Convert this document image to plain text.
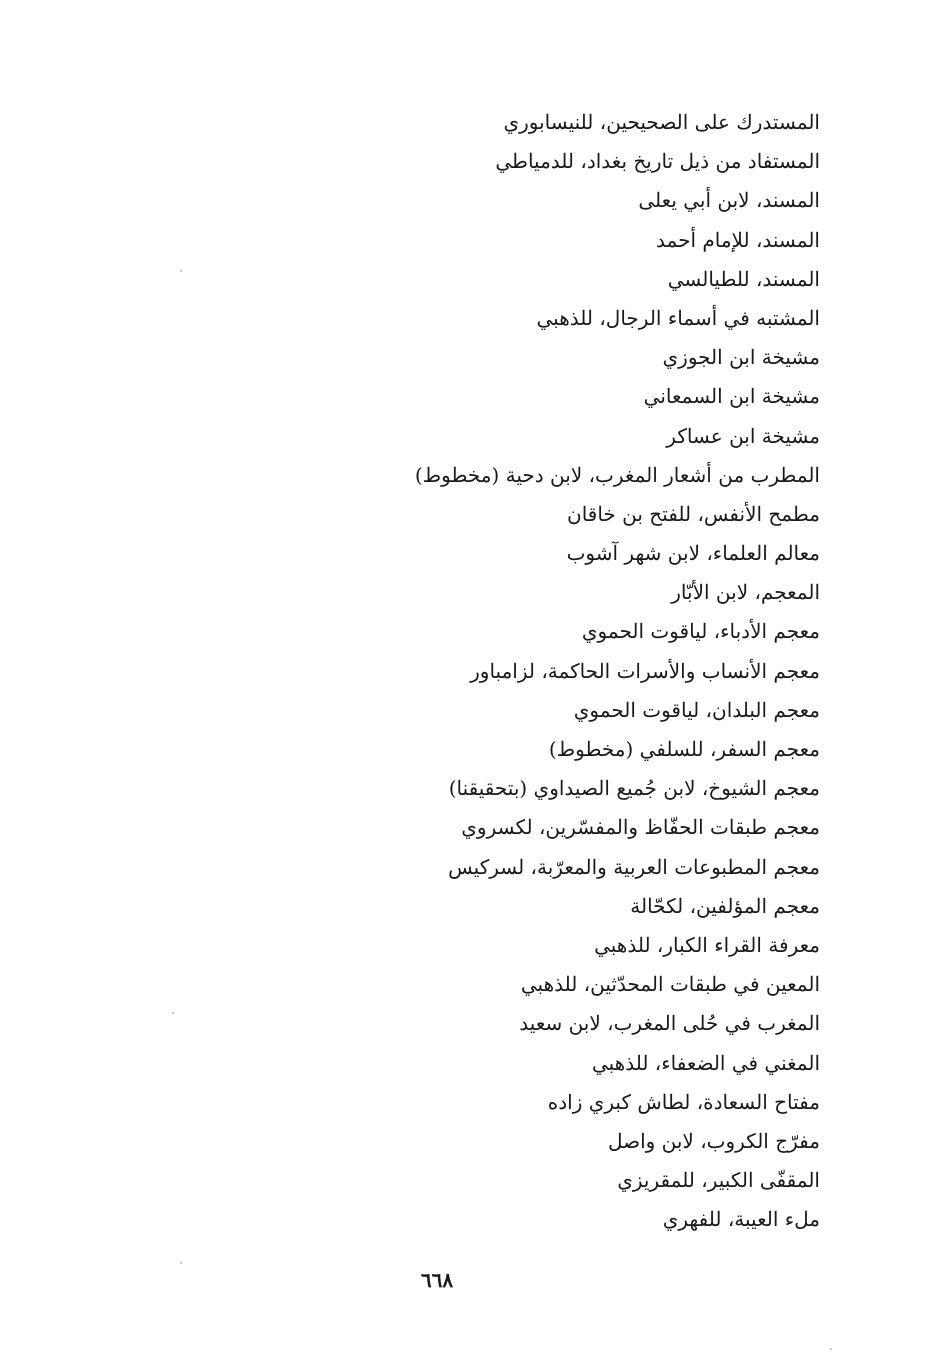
المستدرك على الصحيحين، للنيسابوري
المستفاد من ذيل تاريخ بغداد، للدمياطي
المسند، لابن أبي يعلى
المسند، للإمام أحمد
المسند، للطيالسي
المشتبه في أسماء الرجال، للذهبي
مشيخة ابن الجوزي
مشيخة ابن السمعاني
مشيخة ابن عساكر
المطرب من أشعار المغرب، لابن دحية (مخطوط)
مطمح الأنفس، للفتح بن خاقان
معالم العلماء، لابن شهر آشوب
المعجم، لابن الأبّار
معجم الأدباء، لياقوت الحموي
معجم الأنساب والأسرات الحاكمة، لزامباور
معجم البلدان، لياقوت الحموي
معجم السفر، للسلفي (مخطوط)
معجم الشيوخ، لابن جُميع الصيداوي (بتحقيقنا)
معجم طبقات الحفّاظ والمفسّرين، لكسروي
معجم المطبوعات العربية والمعرّبة، لسركيس
معجم المؤلفين، لكحّالة
معرفة القراء الكبار، للذهبي
المعين في طبقات المحدّثين، للذهبي
المغرب في حُلى المغرب، لابن سعيد
المغني في الضعفاء، للذهبي
مفتاح السعادة، لطاش كبري زاده
مفرّج الكروب، لابن واصل
المقفّى الكبير، للمقريزي
ملء العيبة، للفهري
٦٦٨
